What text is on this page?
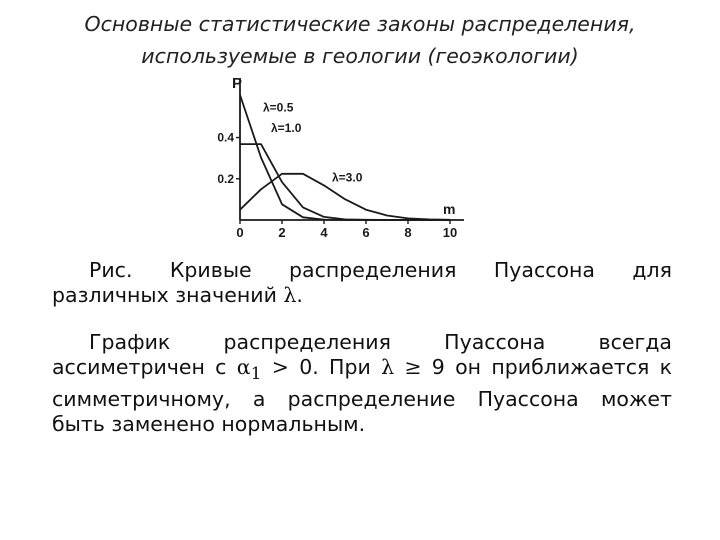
Основные статистические законы распределения,
используемые в геологии (геоэкологии)
P
m
0	2	4	6	8 10
0.2
0.4
λ=0.5
λ=1.0
λ=3.0
Рис. Кривые распределения Пуассона для
различных значений λ.
График распределения Пуассона всегда
ассиметричен с $\alpha_1 > 0$. При λ ≥ 9 он приближается к
симметричному, а распределение Пуассона может
быть заменено нормальным.
